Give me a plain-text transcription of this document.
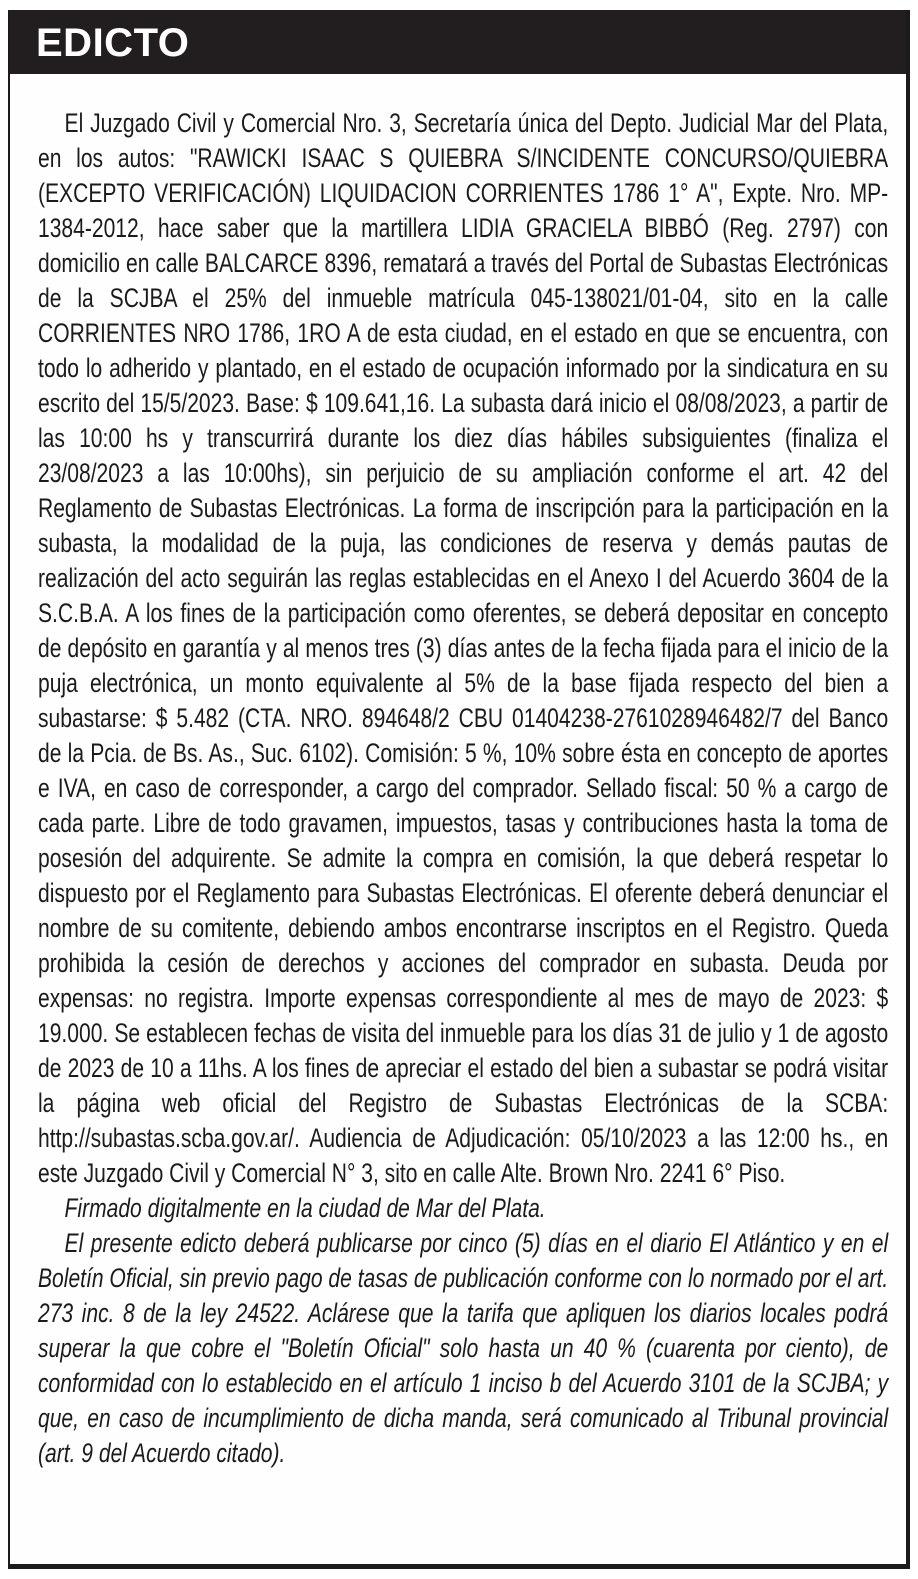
EDICTO

El Juzgado Civil y Comercial Nro. 3, Secretaría única del Depto. Judicial Mar del Plata, en los autos: "RAWICKI ISAAC S QUIEBRA S/INCIDENTE CONCURSO/QUIEBRA (EXCEPTO VERIFICACIÓN) LIQUIDACION CORRIENTES 1786 1° A", Expte. Nro. MP-1384-2012, hace saber que la martillera LIDIA GRACIELA BIBBÓ (Reg. 2797) con domicilio en calle BALCARCE 8396, rematará a través del Portal de Subastas Electrónicas de la SCJBA el 25% del inmueble matrícula 045-138021/01-04, sito en la calle CORRIENTES NRO 1786, 1RO A de esta ciudad, en el estado en que se encuentra, con todo lo adherido y plantado, en el estado de ocupación informado por la sindicatura en su escrito del 15/5/2023. Base: $ 109.641,16. La subasta dará inicio el 08/08/2023, a partir de las 10:00 hs y transcurrirá durante los diez días hábiles subsiguientes (finaliza el 23/08/2023 a las 10:00hs), sin perjuicio de su ampliación conforme el art. 42 del Reglamento de Subastas Electrónicas. La forma de inscripción para la participación en la subasta, la modalidad de la puja, las condiciones de reserva y demás pautas de realización del acto seguirán las reglas establecidas en el Anexo I del Acuerdo 3604 de la S.C.B.A. A los fines de la participación como oferentes, se deberá depositar en concepto de depósito en garantía y al menos tres (3) días antes de la fecha fijada para el inicio de la puja electrónica, un monto equivalente al 5% de la base fijada respecto del bien a subastarse: $ 5.482 (CTA. NRO. 894648/2 CBU 01404238-2761028946482/7 del Banco de la Pcia. de Bs. As., Suc. 6102). Comisión: 5 %, 10% sobre ésta en concepto de aportes e IVA, en caso de corresponder, a cargo del comprador. Sellado fiscal: 50 % a cargo de cada parte. Libre de todo gravamen, impuestos, tasas y contribuciones hasta la toma de posesión del adquirente. Se admite la compra en comisión, la que deberá respetar lo dispuesto por el Reglamento para Subastas Electrónicas. El oferente deberá denunciar el nombre de su comitente, debiendo ambos encontrarse inscriptos en el Registro. Queda prohibida la cesión de derechos y acciones del comprador en subasta. Deuda por expensas: no registra. Importe expensas correspondiente al mes de mayo de 2023: $ 19.000. Se establecen fechas de visita del inmueble para los días 31 de julio y 1 de agosto de 2023 de 10 a 11hs. A los fines de apreciar el estado del bien a subastar se podrá visitar la página web oficial del Registro de Subastas Electrónicas de la SCBA: http://subastas.scba.gov.ar/. Audiencia de Adjudicación: 05/10/2023 a las 12:00 hs., en este Juzgado Civil y Comercial N° 3, sito en calle Alte. Brown Nro. 2241 6° Piso.

Firmado digitalmente en la ciudad de Mar del Plata.

El presente edicto deberá publicarse por cinco (5) días en el diario El Atlántico y en el Boletín Oficial, sin previo pago de tasas de publicación conforme con lo normado por el art. 273 inc. 8 de la ley 24522. Aclárese que la tarifa que apliquen los diarios locales podrá superar la que cobre el "Boletín Oficial" solo hasta un 40 % (cuarenta por ciento), de conformidad con lo establecido en el artículo 1 inciso b del Acuerdo 3101 de la SCJBA; y que, en caso de incumplimiento de dicha manda, será comunicado al Tribunal provincial (art. 9 del Acuerdo citado).
